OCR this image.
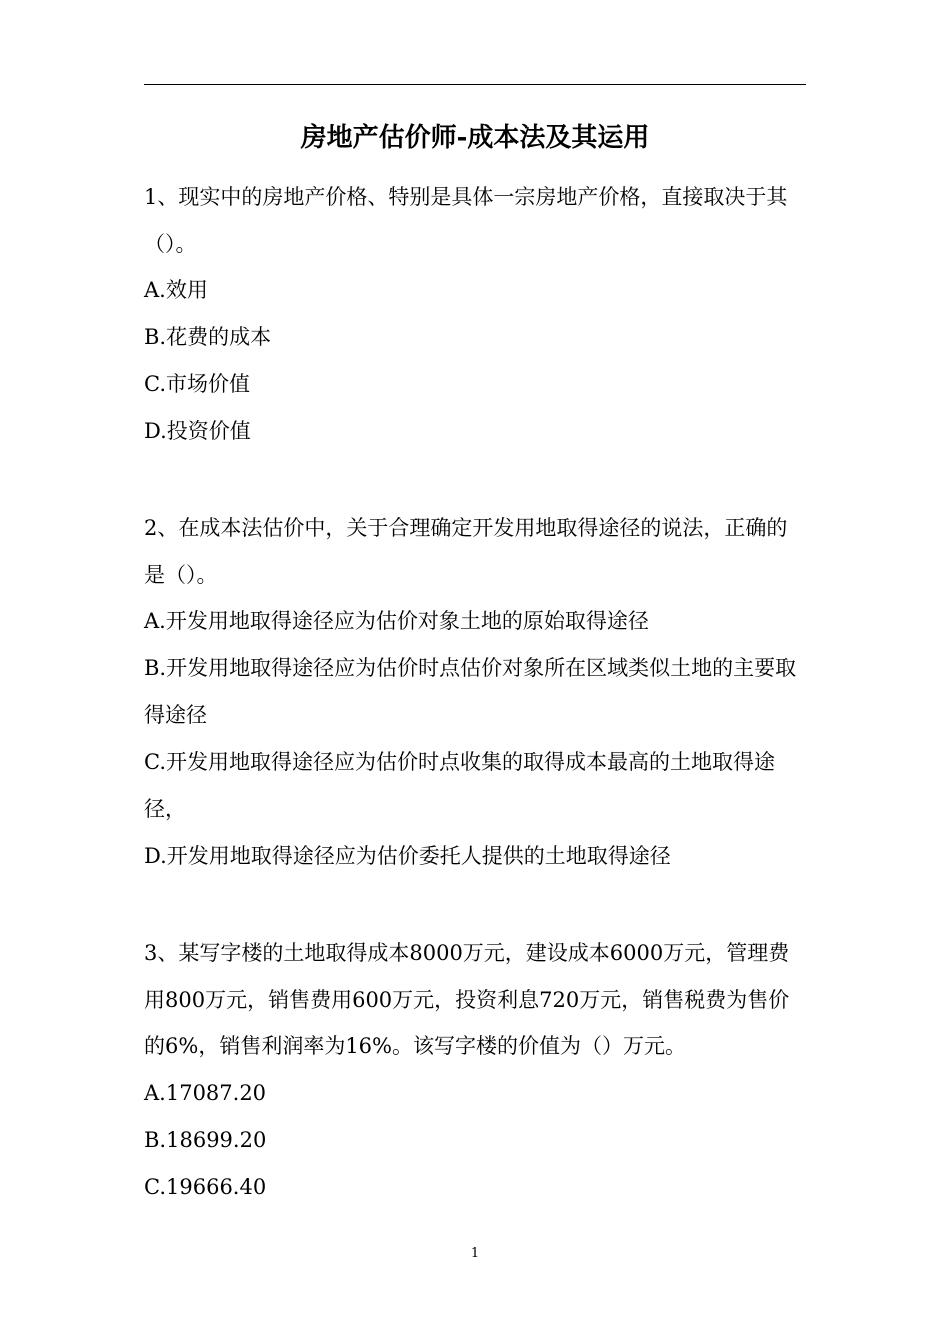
房地产估价师-成本法及其运用

1、现实中的房地产价格、特别是具体一宗房地产价格，直接取决于其（）。

A.效用

B.花费的成本

C.市场价值

D.投资价值

2、在成本法估价中，关于合理确定开发用地取得途径的说法，正确的是（）。

A.开发用地取得途径应为估价对象土地的原始取得途径

B.开发用地取得途径应为估价时点估价对象所在区域类似土地的主要取得途径

C.开发用地取得途径应为估价时点收集的取得成本最高的土地取得途径，

D.开发用地取得途径应为估价委托人提供的土地取得途径

3、某写字楼的土地取得成本8000万元，建设成本6000万元，管理费用800万元，销售费用600万元，投资利息720万元，销售税费为售价的6%，销售利润率为16%。该写字楼的价值为（）万元。

A.17087.20

B.18699.20

C.19666.40

1
